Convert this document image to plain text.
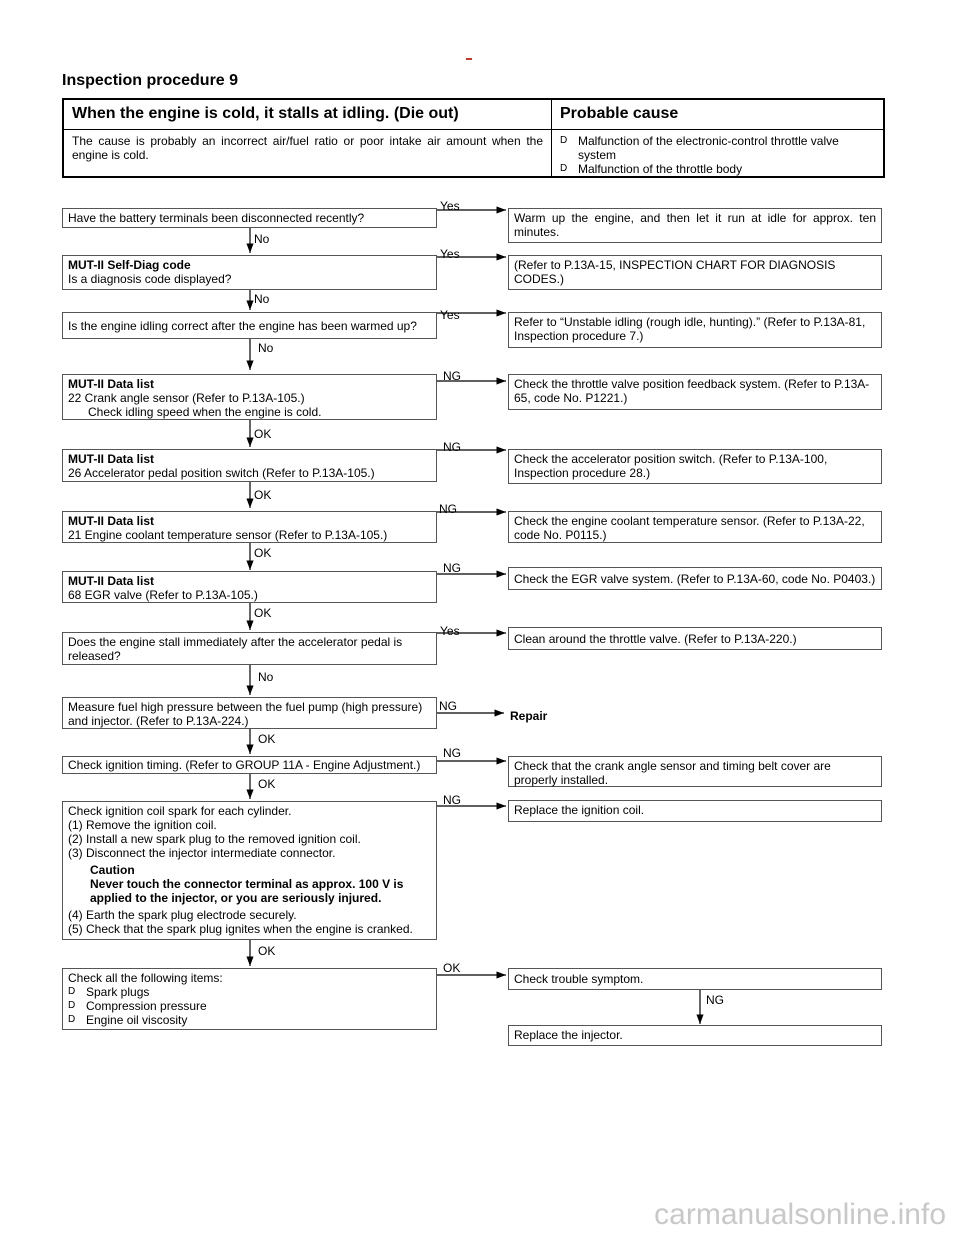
Inspection procedure 9
When the engine is cold, it stalls at idling. (Die out)
The cause is probably an incorrect air/fuel ratio or poor intake air amount when the engine is cold.
Probable cause
D Malfunction of the electronic-control throttle valve system
D Malfunction of the throttle body
Have the battery terminals been disconnected recently?
MUT-II Self-Diag code
Is a diagnosis code displayed?
Is the engine idling correct after the engine has been warmed up?
MUT-II Data list
22 Crank angle sensor (Refer to P.13A-105.)
Check idling speed when the engine is cold.
MUT-II Data list
26 Accelerator pedal position switch (Refer to P.13A-105.)
MUT-II Data list
21 Engine coolant temperature sensor (Refer to P.13A-105.)
MUT-II Data list
68 EGR valve (Refer to P.13A-105.)
Does the engine stall immediately after the accelerator pedal is released?
Measure fuel high pressure between the fuel pump (high pressure) and injector. (Refer to P.13A-224.)
Check ignition timing. (Refer to GROUP 11A - Engine Adjustment.)
Check ignition coil spark for each cylinder.
(1) Remove the ignition coil.
(2) Install a new spark plug to the removed ignition coil.
(3) Disconnect the injector intermediate connector.
Caution
Never touch the connector terminal as approx. 100 V is applied to the injector, or you are seriously injured.
(4) Earth the spark plug electrode securely.
(5) Check that the spark plug ignites when the engine is cranked.
Check all the following items:
D Spark plugs
D Compression pressure
D Engine oil viscosity
Warm up the engine, and then let it run at idle for approx. ten minutes.
(Refer to P.13A-15, INSPECTION CHART FOR DIAGNOSIS CODES.)
Refer to “Unstable idling (rough idle, hunting).” (Refer to P.13A-81, Inspection procedure 7.)
Check the throttle valve position feedback system. (Refer to P.13A-65, code No. P1221.)
Check the accelerator position switch. (Refer to P.13A-100, Inspection procedure 28.)
Check the engine coolant temperature sensor. (Refer to P.13A-22, code No. P0115.)
Check the EGR valve system. (Refer to P.13A-60, code No. P0403.)
Clean around the throttle valve. (Refer to P.13A-220.)
Repair
Check that the crank angle sensor and timing belt cover are properly installed.
Replace the ignition coil.
Check trouble symptom.
Replace the injector.
Yes
No
Yes
No
Yes
No
NG
OK
NG
OK
NG
OK
NG
OK
Yes
No
NG
OK
NG
OK
NG
OK
OK
NG
carmanualsonline.info
